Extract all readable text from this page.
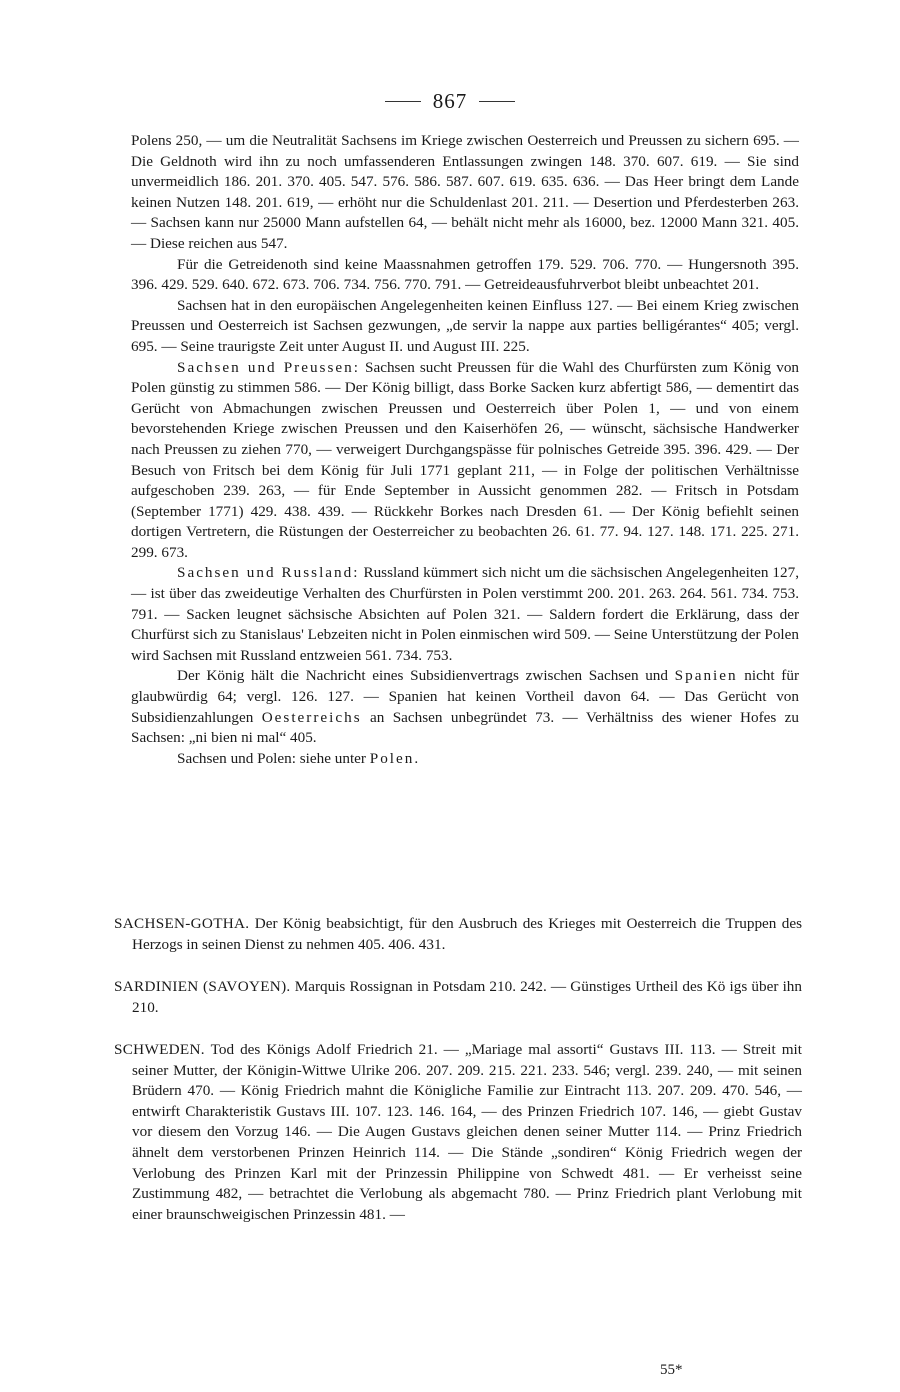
867

Polens 250, — um die Neutralität Sachsens im Kriege zwischen Oesterreich und Preussen zu sichern 695. — Die Geldnoth wird ihn zu noch umfassenderen Entlassungen zwingen 148. 370. 607. 619. — Sie sind unvermeidlich 186. 201. 370. 405. 547. 576. 586. 587. 607. 619. 635. 636. — Das Heer bringt dem Lande keinen Nutzen 148. 201. 619, — erhöht nur die Schuldenlast 201. 211. — Desertion und Pferdesterben 263. — Sachsen kann nur 25000 Mann aufstellen 64, — behält nicht mehr als 16000, bez. 12000 Mann 321. 405. — Diese reichen aus 547.

Für die Getreidenoth sind keine Maassnahmen getroffen 179. 529. 706. 770. — Hungersnoth 395. 396. 429. 529. 640. 672. 673. 706. 734. 756. 770. 791. — Getreideausfuhrverbot bleibt unbeachtet 201.

Sachsen hat in den europäischen Angelegenheiten keinen Einfluss 127. — Bei einem Krieg zwischen Preussen und Oesterreich ist Sachsen gezwungen, „de servir la nappe aux parties belligérantes“ 405; vergl. 695. — Seine traurigste Zeit unter August II. und August III. 225.

Sachsen und Preussen: Sachsen sucht Preussen für die Wahl des Churfürsten zum König von Polen günstig zu stimmen 586. — Der König billigt, dass Borke Sacken kurz abfertigt 586, — dementirt das Gerücht von Abmachungen zwischen Preussen und Oesterreich über Polen 1, — und von einem bevorstehenden Kriege zwischen Preussen und den Kaiserhöfen 26, — wünscht, sächsische Handwerker nach Preussen zu ziehen 770, — verweigert Durchgangspässe für polnisches Getreide 395. 396. 429. — Der Besuch von Fritsch bei dem König für Juli 1771 geplant 211, — in Folge der politischen Verhältnisse aufgeschoben 239. 263, — für Ende September in Aussicht genommen 282. — Fritsch in Potsdam (September 1771) 429. 438. 439. — Rückkehr Borkes nach Dresden 61. — Der König befiehlt seinen dortigen Vertretern, die Rüstungen der Oesterreicher zu beobachten 26. 61. 77. 94. 127. 148. 171. 225. 271. 299. 673.

Sachsen und Russland: Russland kümmert sich nicht um die sächsischen Angelegenheiten 127, — ist über das zweideutige Verhalten des Churfürsten in Polen verstimmt 200. 201. 263. 264. 561. 734. 753. 791. — Sacken leugnet sächsische Absichten auf Polen 321. — Saldern fordert die Erklärung, dass der Churfürst sich zu Stanislaus' Lebzeiten nicht in Polen einmischen wird 509. — Seine Unterstützung der Polen wird Sachsen mit Russland entzweien 561. 734. 753.

Der König hält die Nachricht eines Subsidienvertrags zwischen Sachsen und Spanien nicht für glaubwürdig 64; vergl. 126. 127. — Spanien hat keinen Vortheil davon 64. — Das Gerücht von Subsidienzahlungen Oesterreichs an Sachsen unbegründet 73. — Verhältniss des wiener Hofes zu Sachsen: „ni bien ni mal“ 405.

Sachsen und Polen: siehe unter Polen.

SACHSEN-GOTHA. Der König beabsichtigt, für den Ausbruch des Krieges mit Oesterreich die Truppen des Herzogs in seinen Dienst zu nehmen 405. 406. 431.

SARDINIEN (SAVOYEN). Marquis Rossignan in Potsdam 210. 242. — Günstiges Urtheil des Kö igs über ihn 210.

SCHWEDEN. Tod des Königs Adolf Friedrich 21. — „Mariage mal assorti“ Gustavs III. 113. — Streit mit seiner Mutter, der Königin-Wittwe Ulrike 206. 207. 209. 215. 221. 233. 546; vergl. 239. 240, — mit seinen Brüdern 470. — König Friedrich mahnt die Königliche Familie zur Eintracht 113. 207. 209. 470. 546, — entwirft Charakteristik Gustavs III. 107. 123. 146. 164, — des Prinzen Friedrich 107. 146, — giebt Gustav vor diesem den Vorzug 146. — Die Augen Gustavs gleichen denen seiner Mutter 114. — Prinz Friedrich ähnelt dem verstorbenen Prinzen Heinrich 114. — Die Stände „sondiren“ König Friedrich wegen der Verlobung des Prinzen Karl mit der Prinzessin Philippine von Schwedt 481. — Er verheisst seine Zustimmung 482, — betrachtet die Verlobung als abgemacht 780. — Prinz Friedrich plant Verlobung mit einer braunschweigischen Prinzessin 481. —

55*
